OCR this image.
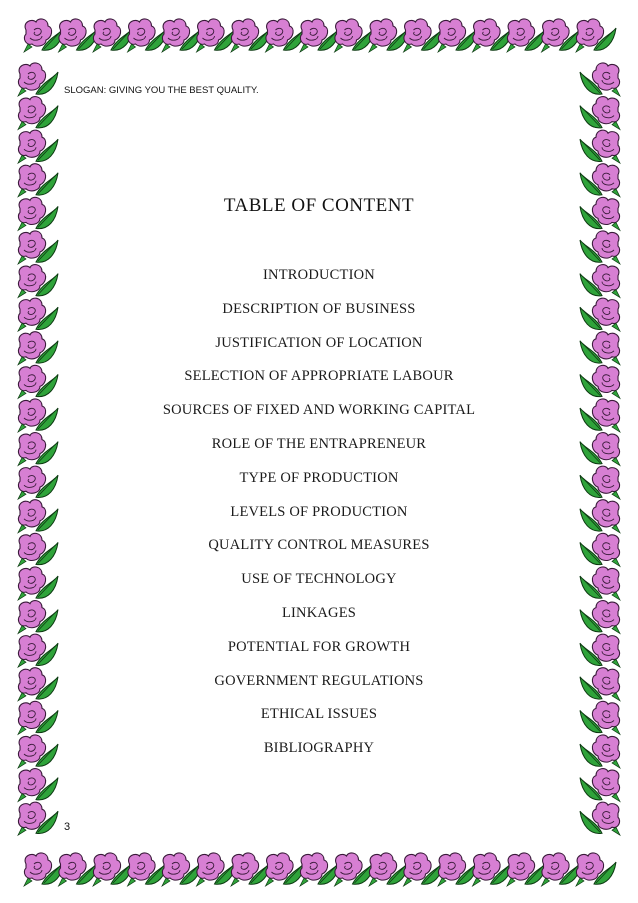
SLOGAN: GIVING YOU THE BEST QUALITY.
TABLE OF CONTENT
INTRODUCTION
DESCRIPTION OF BUSINESS
JUSTIFICATION OF LOCATION
SELECTION OF APPROPRIATE LABOUR
SOURCES OF FIXED AND WORKING CAPITAL
ROLE OF THE ENTRAPRENEUR
TYPE OF PRODUCTION
LEVELS OF PRODUCTION
QUALITY CONTROL MEASURES
USE OF TECHNOLOGY
LINKAGES
POTENTIAL FOR GROWTH
GOVERNMENT REGULATIONS
ETHICAL ISSUES
BIBLIOGRAPHY
3
